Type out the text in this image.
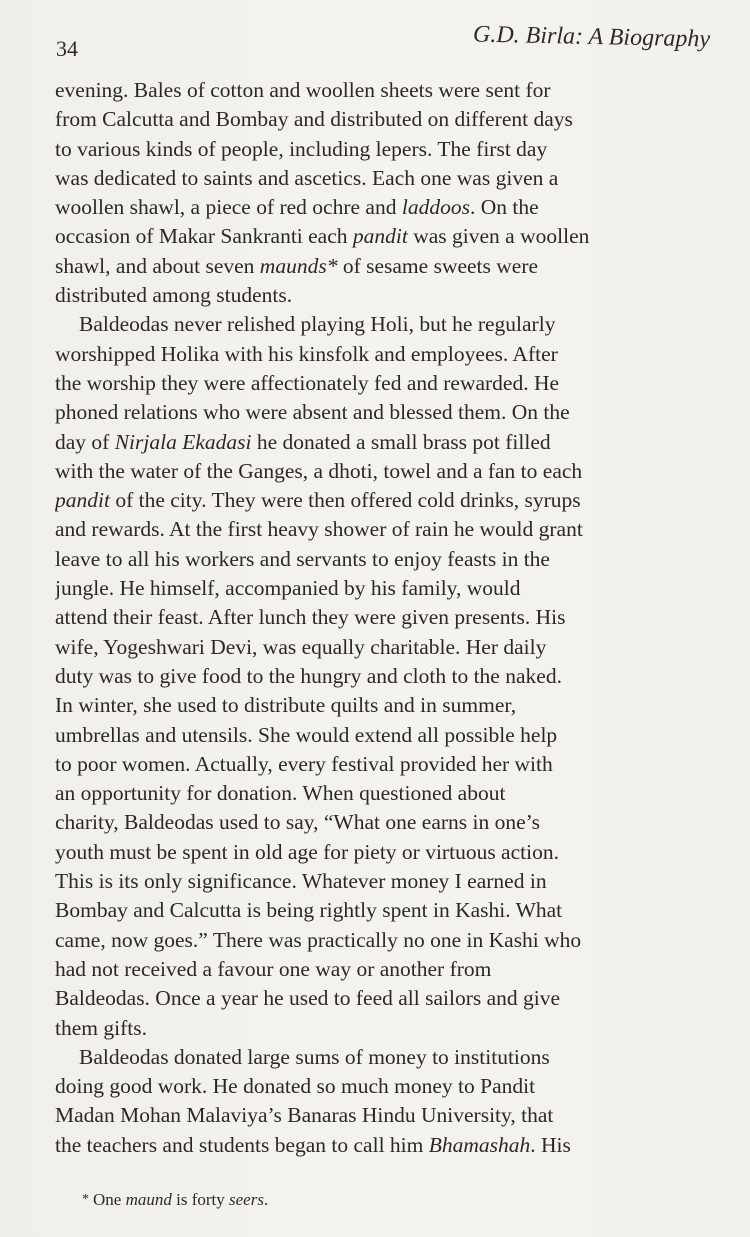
34	G.D. Birla: A Biography

evening. Bales of cotton and woollen sheets were sent for
from Calcutta and Bombay and distributed on different days
to various kinds of people, including lepers. The first day
was dedicated to saints and ascetics. Each one was given a
woollen shawl, a piece of red ochre and laddoos. On the
occasion of Makar Sankranti each pandit was given a woollen
shawl, and about seven maunds* of sesame sweets were
distributed among students.

Baldeodas never relished playing Holi, but he regularly
worshipped Holika with his kinsfolk and employees. After
the worship they were affectionately fed and rewarded. He
phoned relations who were absent and blessed them. On the
day of Nirjala Ekadasi he donated a small brass pot filled
with the water of the Ganges, a dhoti, towel and a fan to each
pandit of the city. They were then offered cold drinks, syrups
and rewards. At the first heavy shower of rain he would grant
leave to all his workers and servants to enjoy feasts in the
jungle. He himself, accompanied by his family, would
attend their feast. After lunch they were given presents. His
wife, Yogeshwari Devi, was equally charitable. Her daily
duty was to give food to the hungry and cloth to the naked.
In winter, she used to distribute quilts and in summer,
umbrellas and utensils. She would extend all possible help
to poor women. Actually, every festival provided her with
an opportunity for donation. When questioned about
charity, Baldeodas used to say, “What one earns in one’s
youth must be spent in old age for piety or virtuous action.
This is its only significance. Whatever money I earned in
Bombay and Calcutta is being rightly spent in Kashi. What
came, now goes.” There was practically no one in Kashi who
had not received a favour one way or another from
Baldeodas. Once a year he used to feed all sailors and give
them gifts.

Baldeodas donated large sums of money to institutions
doing good work. He donated so much money to Pandit
Madan Mohan Malaviya’s Banaras Hindu University, that
the teachers and students began to call him Bhamashah. His

* One maund is forty seers.
